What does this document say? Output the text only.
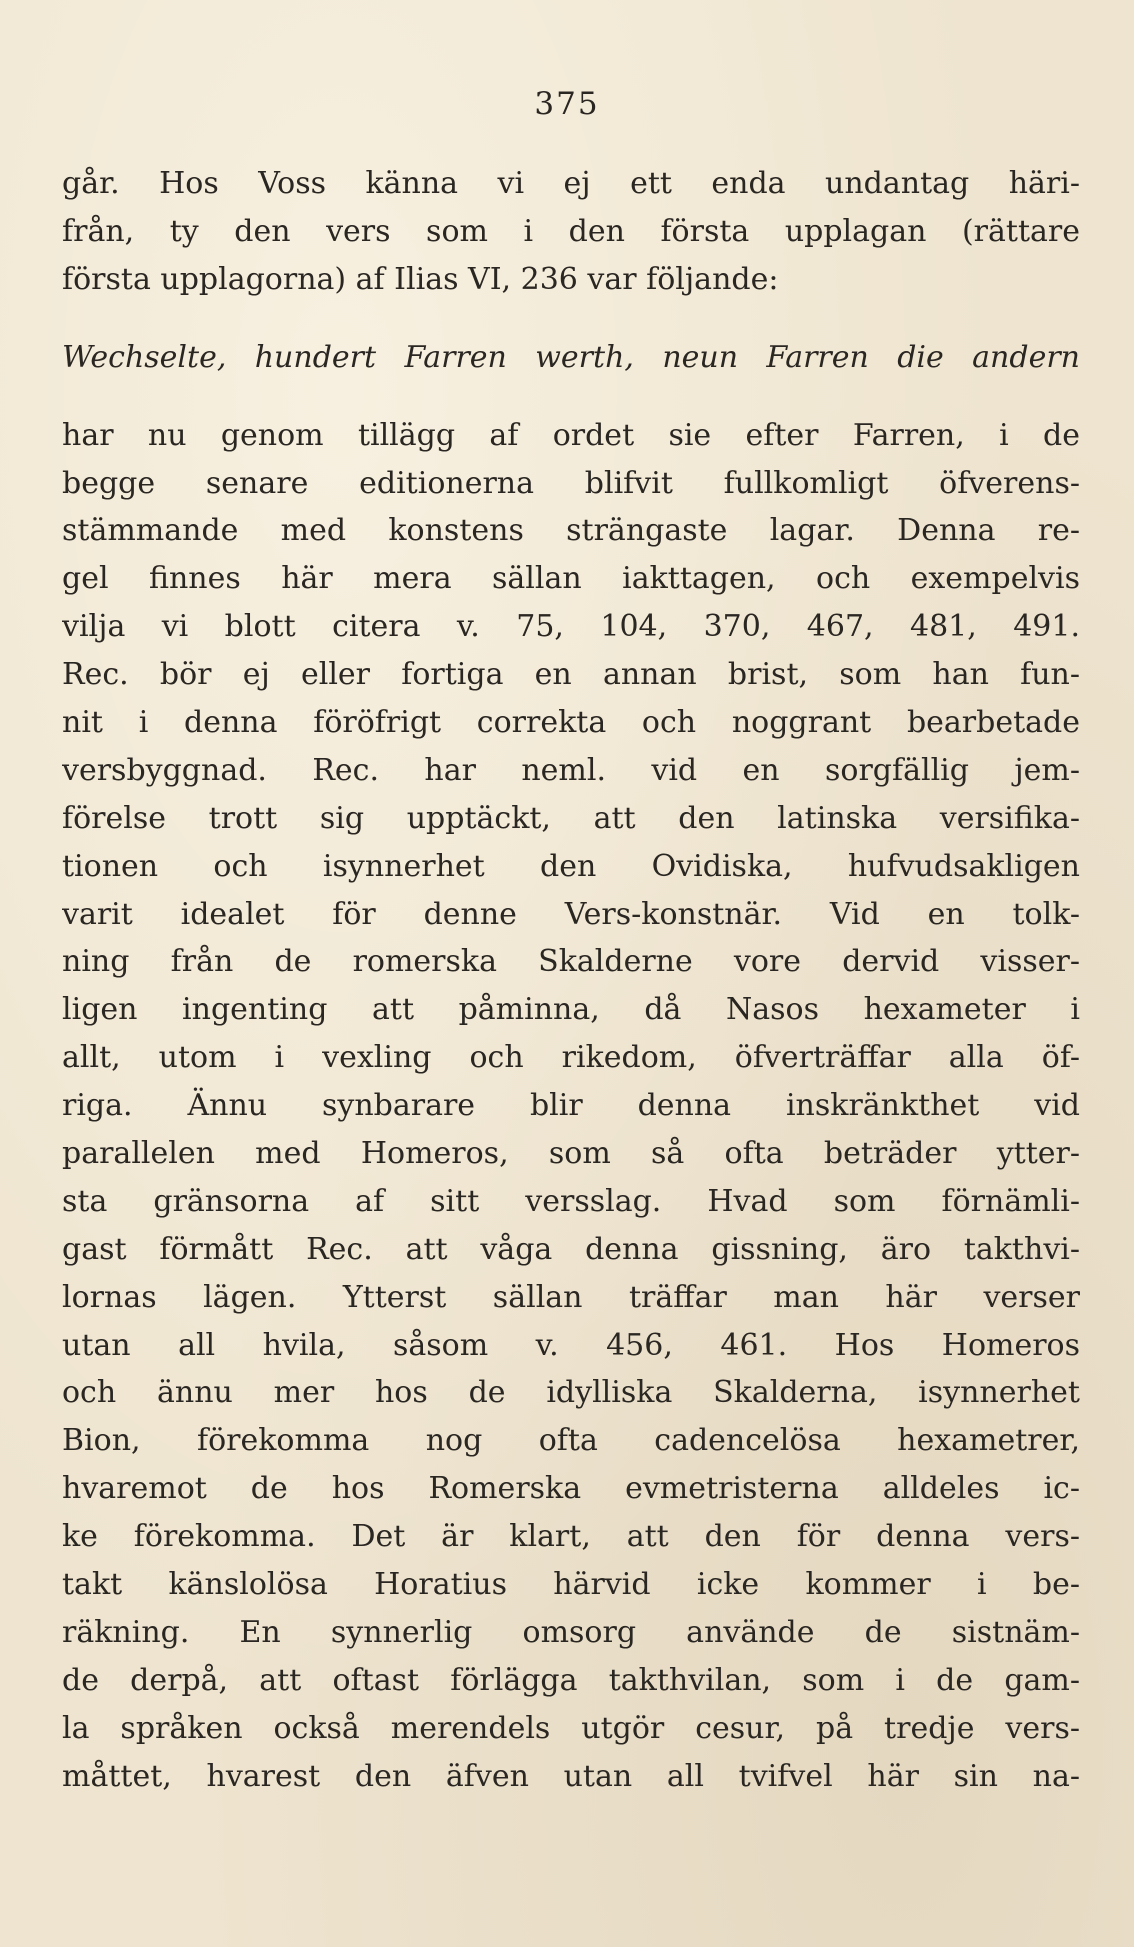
375
går. Hos Voss känna vi ej ett enda undantag häri-
från, ty den vers som i den första upplagan (rättare
första upplagorna) af Ilias VI, 236 var följande:
Wechselte, hundert Farren werth, neun Farren die andern
har nu genom tillägg af ordet sie efter Farren, i de
begge senare editionerna blifvit fullkomligt öfverens-
stämmande med konstens strängaste lagar. Denna re-
gel finnes här mera sällan iakttagen, och exempelvis
vilja vi blott citera v. 75, 104, 370, 467, 481, 491.
Rec. bör ej eller fortiga en annan brist, som han fun-
nit i denna föröfrigt correkta och noggrant bearbetade
versbyggnad. Rec. har neml. vid en sorgfällig jem-
förelse trott sig upptäckt, att den latinska versifika-
tionen och isynnerhet den Ovidiska, hufvudsakligen
varit idealet för denne Vers-konstnär. Vid en tolk-
ning från de romerska Skalderne vore dervid visser-
ligen ingenting att påminna, då Nasos hexameter i
allt, utom i vexling och rikedom, öfverträffar alla öf-
riga. Ännu synbarare blir denna inskränkthet vid
parallelen med Homeros, som så ofta beträder ytter-
sta gränsorna af sitt versslag. Hvad som förnämli-
gast förmått Rec. att våga denna gissning, äro takthvi-
lornas lägen. Ytterst sällan träffar man här verser
utan all hvila, såsom v. 456, 461. Hos Homeros
och ännu mer hos de idylliska Skalderna, isynnerhet
Bion, förekomma nog ofta cadencelösa hexametrer,
hvaremot de hos Romerska evmetristerna alldeles ic-
ke förekomma. Det är klart, att den för denna vers-
takt känslolösa Horatius härvid icke kommer i be-
räkning. En synnerlig omsorg använde de sistnäm-
de derpå, att oftast förlägga takthvilan, som i de gam-
la språken också merendels utgör cesur, på tredje vers-
måttet, hvarest den äfven utan all tvifvel här sin na-
